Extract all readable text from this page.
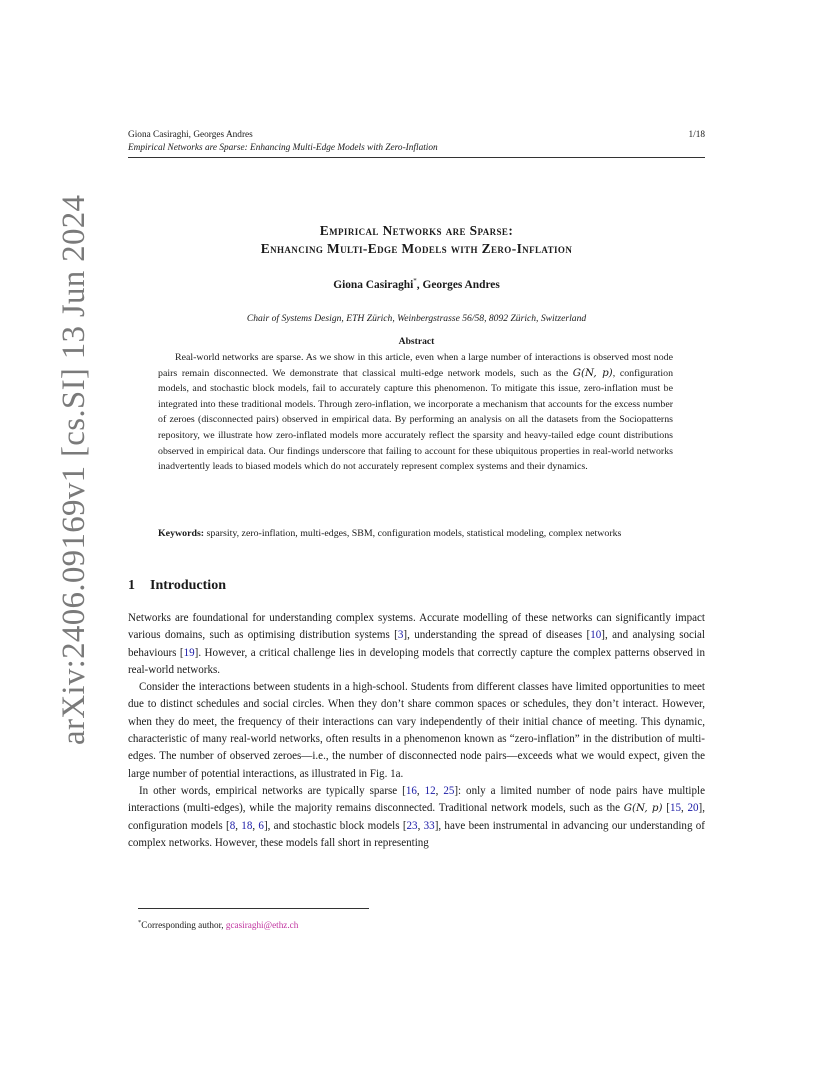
arXiv:2406.09169v1 [cs.SI] 13 Jun 2024
Giona Casiraghi, Georges Andres
Empirical Networks are Sparse: Enhancing Multi-Edge Models with Zero-Inflation
1/18
Empirical Networks are Sparse:
Enhancing Multi-Edge Models with Zero-Inflation
Giona Casiraghi*, Georges Andres
Chair of Systems Design, ETH Zürich, Weinbergstrasse 56/58, 8092 Zürich, Switzerland
Abstract
Real-world networks are sparse. As we show in this article, even when a large number of interactions is observed most node pairs remain disconnected. We demonstrate that classical multi-edge network models, such as the G(N, p), configuration models, and stochastic block models, fail to accurately capture this phenomenon. To mitigate this issue, zero-inflation must be integrated into these traditional models. Through zero-inflation, we incorporate a mechanism that accounts for the excess number of zeroes (disconnected pairs) observed in empirical data. By performing an analysis on all the datasets from the Sociopatterns repository, we illustrate how zero-inflated models more accurately reflect the sparsity and heavy-tailed edge count distributions observed in empirical data. Our findings underscore that failing to account for these ubiquitous properties in real-world networks inadvertently leads to biased models which do not accurately represent complex systems and their dynamics.
Keywords: sparsity, zero-inflation, multi-edges, SBM, configuration models, statistical modeling, complex networks
1 Introduction

Networks are foundational for understanding complex systems. Accurate modelling of these networks can significantly impact various domains, such as optimising distribution systems [3], understanding the spread of diseases [10], and analysing social behaviours [19]. However, a critical challenge lies in developing models that correctly capture the complex patterns observed in real-world networks.

Consider the interactions between students in a high-school. Students from different classes have limited opportunities to meet due to distinct schedules and social circles. When they don’t share common spaces or schedules, they don’t interact. However, when they do meet, the frequency of their interactions can vary independently of their initial chance of meeting. This dynamic, characteristic of many real-world networks, often results in a phenomenon known as “zero-inflation” in the distribution of multi-edges. The number of observed zeroes—i.e., the number of disconnected node pairs—exceeds what we would expect, given the large number of potential interactions, as illustrated in Fig. 1a.

In other words, empirical networks are typically sparse [16, 12, 25]: only a limited number of node pairs have multiple interactions (multi-edges), while the majority remains disconnected. Traditional network models, such as the G(N, p) [15, 20], configuration models [8, 18, 6], and stochastic block models [23, 33], have been instrumental in advancing our understanding of complex networks. However, these models fall short in representing

*Corresponding author, gcasiraghi@ethz.ch
